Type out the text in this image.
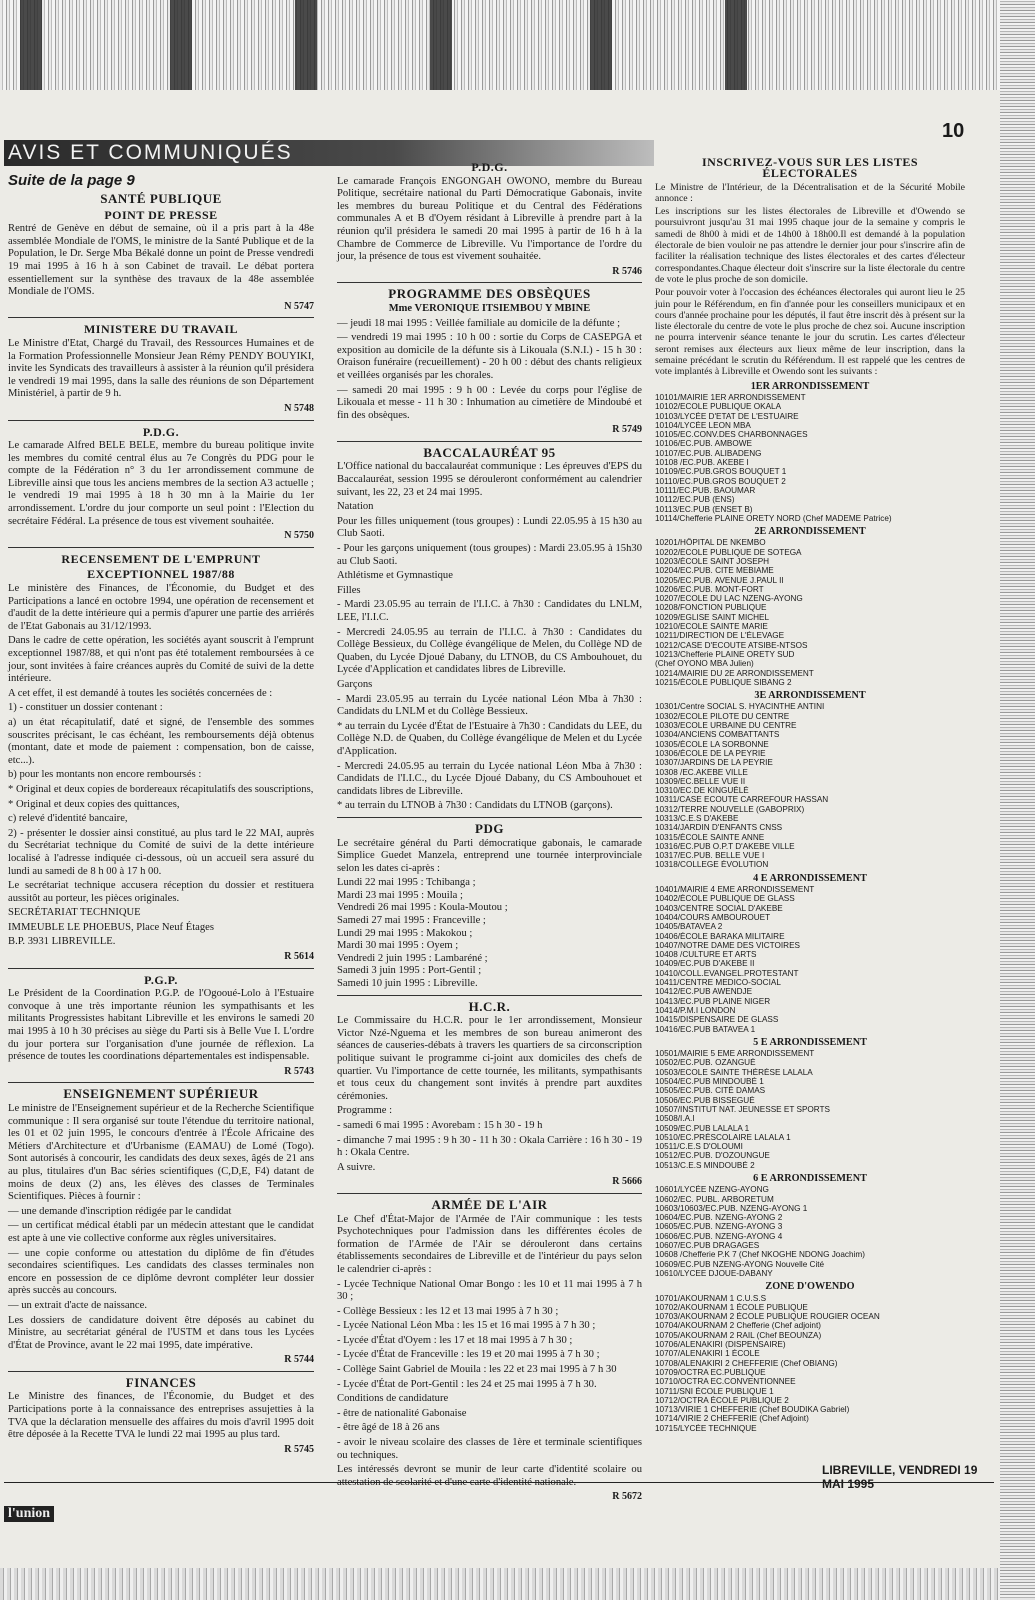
10
AVIS ET COMMUNIQUÉS
Suite de la page 9
SANTÉ PUBLIQUE
POINT DE PRESSE
Rentré de Genève en début de semaine, où il a pris part à la 48e assemblée Mondiale de l'OMS, le ministre de la Santé Publique et de la Population, le Dr. Serge Mba Békalé donne un point de Presse vendredi 19 mai 1995 à 16 h à son Cabinet de travail. Le débat portera essentiellement sur la synthèse des travaux de la 48e assemblée Mondiale de l'OMS.
N 5747
MINISTERE DU TRAVAIL
Le Ministre d'Etat, Chargé du Travail, des Ressources Humaines et de la Formation Professionnelle Monsieur Jean Rémy PENDY BOUYIKI, invite les Syndicats des travailleurs à assister à la réunion qu'il présidera le vendredi 19 mai 1995, dans la salle des réunions de son Département Ministériel, à partir de 9 h.
N 5748
P.D.G.
Le camarade Alfred BELE BELE, membre du bureau politique invite les membres du comité central élus au 7e Congrès du PDG pour le compte de la Fédération n° 3 du 1er arrondissement commune de Libreville ainsi que tous les anciens membres de la section A3 actuelle ; le vendredi 19 mai 1995 à 18 h 30 mn à la Mairie du 1er arrondissement. L'ordre du jour comporte un seul point : l'Election du secrétaire Fédéral. La présence de tous est vivement souhaitée.
N 5750
RECENSEMENT DE L'EMPRUNT
EXCEPTIONNEL 1987/88
Le ministère des Finances, de l'Économie, du Budget et des Participations a lancé en octobre 1994, une opération de recensement et d'audit de la dette intérieure qui a permis d'apurer une partie des arriérés de l'Etat Gabonais au 31/12/1993.
Dans le cadre de cette opération, les sociétés ayant souscrit à l'emprunt exceptionnel 1987/88, et qui n'ont pas été totalement remboursées à ce jour, sont invitées à faire créances auprès du Comité de suivi de la dette intérieure.
A cet effet, il est demandé à toutes les sociétés concernées de :
1) - constituer un dossier contenant :
a) un état récapitulatif, daté et signé, de l'ensemble des sommes souscrites précisant, le cas échéant, les remboursements déjà obtenus (montant, date et mode de paiement : compensation, bon de caisse, etc...).
b) pour les montants non encore remboursés :
* Original et deux copies de bordereaux récapitulatifs des souscriptions,
* Original et deux copies des quittances,
c) relevé d'identité bancaire,
2) - présenter le dossier ainsi constitué, au plus tard le 22 MAI, auprès du Secrétariat technique du Comité de suivi de la dette intérieure localisé à l'adresse indiquée ci-dessous, où un accueil sera assuré du lundi au samedi de 8 h 00 à 17 h 00.
Le secrétariat technique accusera réception du dossier et restituera aussitôt au porteur, les pièces originales.
SECRÉTARIAT TECHNIQUE
IMMEUBLE LE PHOEBUS, Place Neuf Étages
B.P. 3931 LIBREVILLE.
R 5614
P.G.P.
Le Président de la Coordination P.G.P. de l'Ogooué-Lolo à l'Estuaire convoque à une très importante réunion les sympathisants et les militants Progressistes habitant Libreville et les environs le samedi 20 mai 1995 à 10 h 30 précises au siège du Parti sis à Belle Vue I. L'ordre du jour portera sur l'organisation d'une journée de réflexion. La présence de toutes les coordinations départementales est indispensable.
R 5743
ENSEIGNEMENT SUPÉRIEUR
Le ministre de l'Enseignement supérieur et de la Recherche Scientifique communique : Il sera organisé sur toute l'étendue du territoire national, les 01 et 02 juin 1995, le concours d'entrée à l'École Africaine des Métiers d'Architecture et d'Urbanisme (EAMAU) de Lomé (Togo). Sont autorisés à concourir, les candidats des deux sexes, âgés de 21 ans au plus, titulaires d'un Bac séries scientifiques (C,D,E, F4) datant de moins de deux (2) ans, les élèves des classes de Terminales Scientifiques. Pièces à fournir :
— une demande d'inscription rédigée par le candidat
— un certificat médical établi par un médecin attestant que le candidat est apte à une vie collective conforme aux règles universitaires.
— une copie conforme ou attestation du diplôme de fin d'études secondaires scientifiques. Les candidats des classes terminales non encore en possession de ce diplôme devront compléter leur dossier après succès au concours.
— un extrait d'acte de naissance.
Les dossiers de candidature doivent être déposés au cabinet du Ministre, au secrétariat général de l'USTM et dans tous les Lycées d'État de Province, avant le 22 mai 1995, date impérative.
R 5744
FINANCES
Le Ministre des finances, de l'Économie, du Budget et des Participations porte à la connaissance des entreprises assujetties à la TVA que la déclaration mensuelle des affaires du mois d'avril 1995 doit être déposée à la Recette TVA le lundi 22 mai 1995 au plus tard.
R 5745
P.D.G.
Le camarade François ENGONGAH OWONO, membre du Bureau Politique, secrétaire national du Parti Démocratique Gabonais, invite les membres du bureau Politique et du Central des Fédérations communales A et B d'Oyem résidant à Libreville à prendre part à la réunion qu'il présidera le samedi 20 mai 1995 à partir de 16 h à la Chambre de Commerce de Libreville. Vu l'importance de l'ordre du jour, la présence de tous est vivement souhaitée.
R 5746
PROGRAMME DES OBSÈQUES
Mme VERONIQUE ITSIEMBOU Y MBINE
— jeudi 18 mai 1995 : Veillée familiale au domicile de la défunte ;
— vendredi 19 mai 1995 : 10 h 00 : sortie du Corps de CASEPGA et exposition au domicile de la défunte sis à Likouala (S.N.I.) - 15 h 30 : Oraison funéraire (recueillement) - 20 h 00 : début des chants religieux et veillées organisés par les chorales.
— samedi 20 mai 1995 : 9 h 00 : Levée du corps pour l'église de Likouala et messe - 11 h 30 : Inhumation au cimetière de Mindoubé et fin des obsèques.
R 5749
BACCALAURÉAT 95
L'Office national du baccalauréat communique : Les épreuves d'EPS du Baccalauréat, session 1995 se dérouleront conformément au calendrier suivant, les 22, 23 et 24 mai 1995.
Natation
Pour les filles uniquement (tous groupes) : Lundi 22.05.95 à 15 h30 au Club Saoti.
- Pour les garçons uniquement (tous groupes) : Mardi 23.05.95 à 15h30 au Club Saoti.
Athlétisme et Gymnastique
Filles
- Mardi 23.05.95 au terrain de l'I.I.C. à 7h30 : Candidates du LNLM, LEE, l'I.I.C.
- Mercredi 24.05.95 au terrain de l'I.I.C. à 7h30 : Candidates du Collège Bessieux, du Collège évangélique de Melen, du Collège ND de Quaben, du Lycée Djoué Dabany, du LTNOB, du CS Ambouhouet, du Lycée d'Application et candidates libres de Libreville.
Garçons
- Mardi 23.05.95 au terrain du Lycée national Léon Mba à 7h30 : Candidats du LNLM et du Collège Bessieux.
* au terrain du Lycée d'État de l'Estuaire à 7h30 : Candidats du LEE, du Collège N.D. de Quaben, du Collège évangélique de Melen et du Lycée d'Application.
- Mercredi 24.05.95 au terrain du Lycée national Léon Mba à 7h30 : Candidats de l'I.I.C., du Lycée Djoué Dabany, du CS Ambouhouet et candidats libres de Libreville.
* au terrain du LTNOB à 7h30 : Candidats du LTNOB (garçons).
PDG
Le secrétaire général du Parti démocratique gabonais, le camarade Simplice Guedet Manzela, entreprend une tournée interprovinciale selon les dates ci-après :
Lundi 22 mai 1995 : Tchibanga ;
Mardi 23 mai 1995 : Mouila ;
Vendredi 26 mai 1995 : Koula-Moutou ;
Samedi 27 mai 1995 : Franceville ;
Lundi 29 mai 1995 : Makokou ;
Mardi 30 mai 1995 : Oyem ;
Vendredi 2 juin 1995 : Lambaréné ;
Samedi 3 juin 1995 : Port-Gentil ;
Samedi 10 juin 1995 : Libreville.
H.C.R.
Le Commissaire du H.C.R. pour le 1er arrondissement, Monsieur Victor Nzé-Nguema et les membres de son bureau animeront des séances de causeries-débats à travers les quartiers de sa circonscription politique suivant le programme ci-joint aux domiciles des chefs de quartier. Vu l'importance de cette tournée, les militants, sympathisants et tous ceux du changement sont invités à prendre part auxdites cérémonies.
Programme :
- samedi 6 mai 1995 : Avorebam : 15 h 30 - 19 h
- dimanche 7 mai 1995 : 9 h 30 - 11 h 30 : Okala Carrière : 16 h 30 - 19 h : Okala Centre.
A suivre.
R 5666
ARMÉE DE L'AIR
Le Chef d'État-Major de l'Armée de l'Air communique : les tests Psychotechniques pour l'admission dans les différentes écoles de formation de l'Armée de l'Air se dérouleront dans certains établissements secondaires de Libreville et de l'intérieur du pays selon le calendrier ci-après :
- Lycée Technique National Omar Bongo : les 10 et 11 mai 1995 à 7 h 30 ;
- Collège Bessieux : les 12 et 13 mai 1995 à 7 h 30 ;
- Lycée National Léon Mba : les 15 et 16 mai 1995 à 7 h 30 ;
- Lycée d'État d'Oyem : les 17 et 18 mai 1995 à 7 h 30 ;
- Lycée d'État de Franceville : les 19 et 20 mai 1995 à 7 h 30 ;
- Collège Saint Gabriel de Mouila : les 22 et 23 mai 1995 à 7 h 30
- Lycée d'État de Port-Gentil : les 24 et 25 mai 1995 à 7 h 30.
Conditions de candidature
- être de nationalité Gabonaise
- être âgé de 18 à 26 ans
- avoir le niveau scolaire des classes de 1ère et terminale scientifiques ou techniques.
Les intéressés devront se munir de leur carte d'identité scolaire ou attestation de scolarité et d'une carte d'identité nationale.
R 5672
INSCRIVEZ-VOUS SUR LES LISTES ÉLECTORALES
Le Ministre de l'Intérieur, de la Décentralisation et de la Sécurité Mobile annonce :
Les inscriptions sur les listes électorales de Libreville et d'Owendo se poursuivront jusqu'au 31 mai 1995 chaque jour de la semaine y compris le samedi de 8h00 à midi et de 14h00 à 18h00.Il est demandé à la population électorale de bien vouloir ne pas attendre le dernier jour pour s'inscrire afin de faciliter la réalisation technique des listes électorales et des cartes d'électeur correspondantes.Chaque électeur doit s'inscrire sur la liste électorale du centre de vote le plus proche de son domicile.
Pour pouvoir voter à l'occasion des échéances électorales qui auront lieu le 25 juin pour le Référendum, en fin d'année pour les conseillers municipaux et en cours d'année prochaine pour les députés, il faut être inscrit dès à présent sur la liste électorale du centre de vote le plus proche de chez soi. Aucune inscription ne pourra intervenir séance tenante le jour du scrutin. Les cartes d'électeur seront remises aux électeurs aux lieux même de leur inscription, dans la semaine précédant le scrutin du Référendum. Il est rappelé que les centres de vote implantés à Libreville et Owendo sont les suivants :
1ER ARRONDISSEMENT
10101/MAIRIE 1ER ARRONDISSEMENT
10102/ECOLE PUBLIQUE OKALA
10103/LYCÉE D'ETAT DE L'ESTUAIRE
10104/LYCÉE LEON MBA
10105/EC.CONV.DES CHARBONNAGES
10106/EC.PUB. AMBOWE
10107/EC.PUB. ALIBADENG
10108 /EC.PUB. AKEBE I
10109/EC.PUB.GROS BOUQUET 1
10110/EC.PUB.GROS BOUQUET 2
10111/EC.PUB. BAOUMAR
10112/EC.PUB (ENS)
10113/EC.PUB (ENSET B)
10114/Chefferie PLAINE ORETY NORD (Chef MADEME Patrice)
2E ARRONDISSEMENT
10201/HÔPITAL DE NKEMBO
10202/ECOLE PUBLIQUE DE SOTEGA
10203/ÉCOLE SAINT JOSEPH
10204/EC.PUB. CITE MEBIAME
10205/EC.PUB. AVENUE J.PAUL II
10206/EC.PUB. MONT-FORT
10207/ECOLE DU LAC NZENG-AYONG
10208/FONCTION PUBLIQUE
10209/EGLISE SAINT MICHEL
10210/ECOLE SAINTE MARIE
10211/DIRECTION DE L'ÉLEVAGE
10212/CASE D'ECOUTE ATSIBE-NTSOS
10213/Chefferie PLAINE ORETY SUD
(Chef OYONO MBA Julien)
10214/MAIRIE DU 2E ARRONDISSEMENT
10215/ÉCOLE PUBLIQUE SIBANG 2
3E ARRONDISSEMENT
10301/Centre SOCIAL S. HYACINTHE ANTINI
10302/ECOLE PILOTE DU CENTRE
10303/ECOLE URBAINE DU CENTRE
10304/ANCIENS COMBATTANTS
10305/ÉCOLE LA SORBONNE
10306/ÉCOLE DE LA PEYRIE
10307/JARDINS DE LA PEYRIE
10308 /EC.AKEBE VILLE
10309/EC.BELLE VUE II
10310/EC.DE KINGUÉLÉ
10311/CASE ECOUTE CARREFOUR HASSAN
10312/TERRE NOUVELLE (GABOPRIX)
10313/C.E.S D'AKEBE
10314/JARDIN D'ENFANTS CNSS
10315/ÉCOLE SAINTE ANNE
10316/EC.PUB O.P.T D'AKEBE VILLE
10317/EC.PUB. BELLE VUE I
10318/COLLEGE ÉVOLUTION
4 E ARRONDISSEMENT
10401/MAIRIE 4 EME ARRONDISSEMENT
10402/ÉCOLE PUBLIQUE DE GLASS
10403/CENTRE SOCIAL D'AKEBE
10404/COURS AMBOUROUET
10405/BATAVEA 2
10406/ÉCOLE BARAKA MILITAIRE
10407/NOTRE DAME DES VICTOIRES
10408 /CULTURE ET ARTS
10409/EC.PUB D'AKEBE II
10410/COLL.EVANGEL.PROTESTANT
10411/CENTRE MEDICO-SOCIAL
10412/EC.PUB AWENDJE
10413/EC.PUB PLAINE NIGER
10414/P.M.I LONDON
10415/DISPENSAIRE DE GLASS
10416/EC.PUB BATAVEA 1
5 E ARRONDISSEMENT
10501/MAIRIE 5 EME ARRONDISSEMENT
10502/EC.PUB. OZANGUÉ
10503/ECOLE SAINTE THÉRÈSE LALALA
10504/EC.PUB MINDOUBÉ 1
10505/EC.PUB. CITÉ DAMAS
10506/EC.PUB BISSEGUÉ
10507/INSTITUT NAT. JEUNESSE ET SPORTS
10508/I.A.I
10509/EC.PUB LALALA 1
10510/EC.PRÉSCOLAIRE LALALA 1
10511/C.E.S D'OLOUMI
10512/EC.PUB. D'OZOUNGUE
10513/C.E.S MINDOUBÉ 2
6 E ARRONDISSEMENT
10601/LYCÉE NZENG-AYONG
10602/EC. PUBL. ARBORETUM
10603/10603/EC.PUB. NZENG-AYONG 1
10604/EC.PUB. NZENG-AYONG 2
10605/EC.PUB. NZENG-AYONG 3
10606/EC.PUB. NZENG-AYONG 4
10607/EC.PUB DRAGAGES
10608 /Chefferie P.K 7 (Chef NKOGHE NDONG Joachim)
10609/EC.PUB NZENG-AYONG Nouvelle Cité
10610/LYCEE DJOUE-DABANY
ZONE D'OWENDO
10701/AKOURNAM 1 C.U.S.S
10702/AKOURNAM 1 ÉCOLE PUBLIQUE
10703/AKOURNAM 2 ÉCOLE PUBLIQUE ROUGIER OCEAN
10704/AKOURNAM 2 Chefferie (Chef adjoint)
10705/AKOURNAM 2 RAIL (Chef BEOUNZA)
10706/ALENAKIRI (DISPENSAIRE)
10707/ALENAKIRI 1 ÉCOLE
10708/ALENAKIRI 2 CHEFFERIE (Chef OBIANG)
10709/OCTRA EC.PUBLIQUE
10710/OCTRA EC.CONVENTIONNEE
10711/SNI ÉCOLE PUBLIQUE 1
10712/OCTRA ÉCOLE PUBLIQUE 2
10713/VIRIE 1 CHEFFERIE (Chef BOUDIKA Gabriel)
10714/VIRIE 2 CHEFFERIE (Chef Adjoint)
10715/LYCÉE TECHNIQUE
LIBREVILLE, VENDREDI 19 MAI 1995
l'union
